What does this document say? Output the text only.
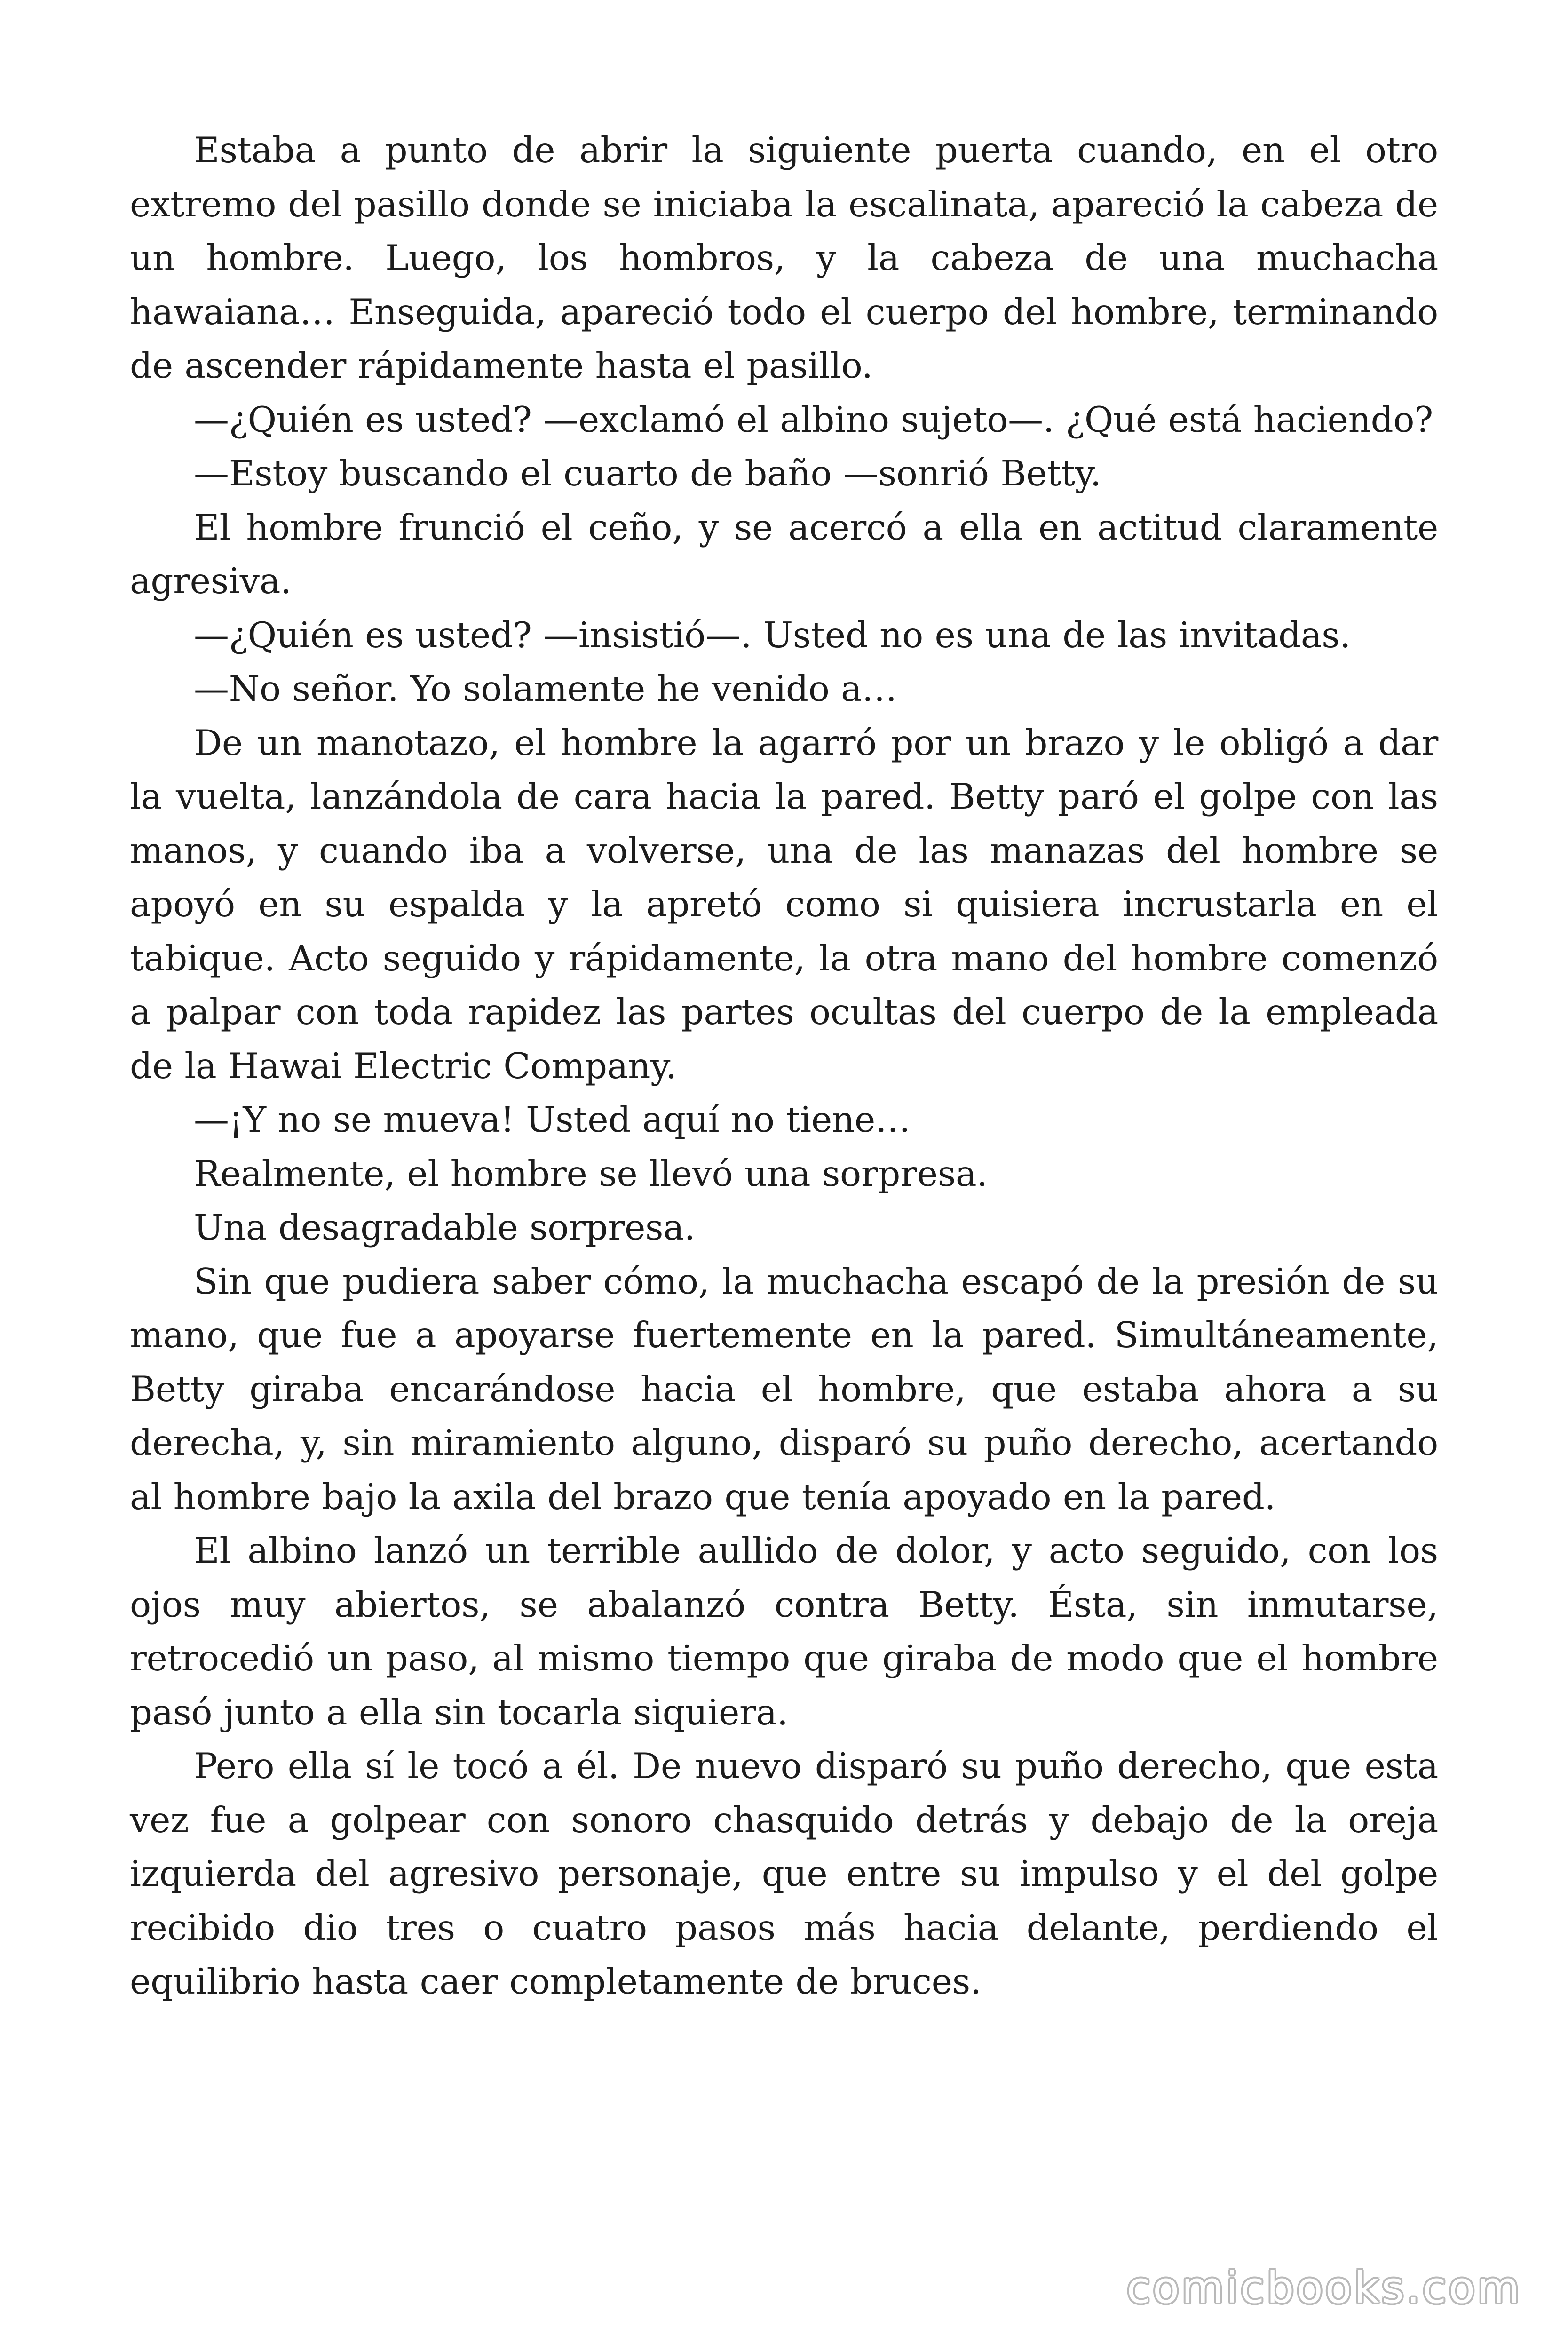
Estaba a punto de abrir la siguiente puerta cuando, en el otro extremo del pasillo donde se iniciaba la escalinata, apareció la cabeza de un hombre. Luego, los hombros, y la cabeza de una muchacha hawaiana… Enseguida, apareció todo el cuerpo del hombre, terminando de ascender rápidamente hasta el pasillo.

—¿Quién es usted? —exclamó el albino sujeto—. ¿Qué está haciendo?

—Estoy buscando el cuarto de baño —sonrió Betty.

El hombre frunció el ceño, y se acercó a ella en actitud claramente agresiva.

—¿Quién es usted? —insistió—. Usted no es una de las invitadas.

—No señor. Yo solamente he venido a…

De un manotazo, el hombre la agarró por un brazo y le obligó a dar la vuelta, lanzándola de cara hacia la pared. Betty paró el golpe con las manos, y cuando iba a volverse, una de las manazas del hombre se apoyó en su espalda y la apretó como si quisiera incrustarla en el tabique. Acto seguido y rápidamente, la otra mano del hombre comenzó a palpar con toda rapidez las partes ocultas del cuerpo de la empleada de la Hawai Electric Company.

—¡Y no se mueva! Usted aquí no tiene…

Realmente, el hombre se llevó una sorpresa.

Una desagradable sorpresa.

Sin que pudiera saber cómo, la muchacha escapó de la presión de su mano, que fue a apoyarse fuertemente en la pared. Simultáneamente, Betty giraba encarándose hacia el hombre, que estaba ahora a su derecha, y, sin miramiento alguno, disparó su puño derecho, acertando al hombre bajo la axila del brazo que tenía apoyado en la pared.

El albino lanzó un terrible aullido de dolor, y acto seguido, con los ojos muy abiertos, se abalanzó contra Betty. Ésta, sin inmutarse, retrocedió un paso, al mismo tiempo que giraba de modo que el hombre pasó junto a ella sin tocarla siquiera.

Pero ella sí le tocó a él. De nuevo disparó su puño derecho, que esta vez fue a golpear con sonoro chasquido detrás y debajo de la oreja izquierda del agresivo personaje, que entre su impulso y el del golpe recibido dio tres o cuatro pasos más hacia delante, perdiendo el equilibrio hasta caer completamente de bruces.

comicbooks.com
